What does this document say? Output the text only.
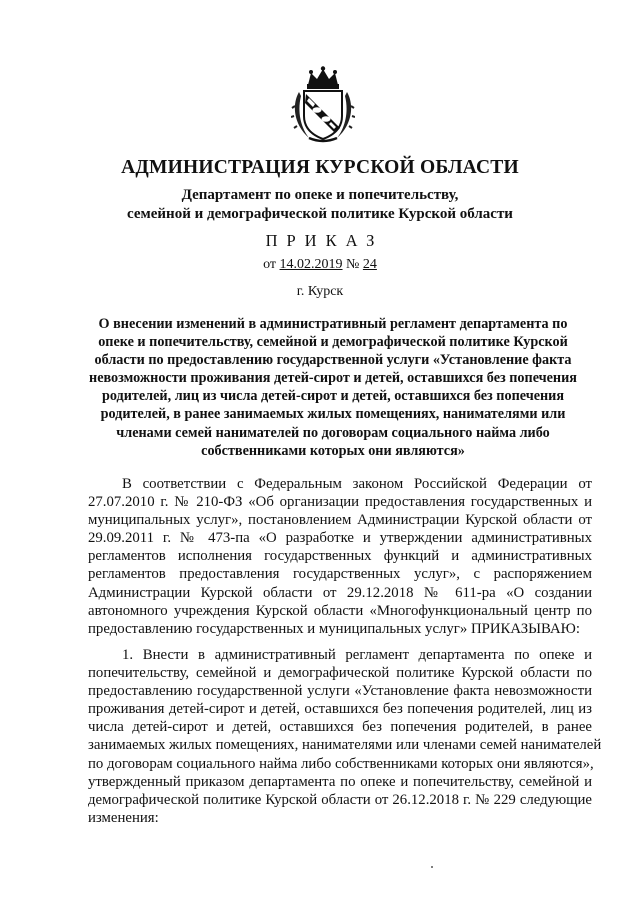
АДМИНИСТРАЦИЯ КУРСКОЙ ОБЛАСТИ
Департамент по опеке и попечительству,
семейной и демографической политике Курской области
ПРИКАЗ
от 14.02.2019 № 24
г. Курск
О внесении изменений в административный регламент департамента по
опеке и попечительству, семейной и демографической политике Курской
области по предоставлению государственной услуги «Установление факта
невозможности проживания детей-сирот и детей, оставшихся без попечения
родителей, лиц из числа детей-сирот и детей, оставшихся без попечения
родителей, в ранее занимаемых жилых помещениях, нанимателями или
членами семей нанимателей по договорам социального найма либо
собственниками которых они являются»
В соответствии с Федеральным законом Российской Федерации от
27.07.2010 г. № 210-ФЗ «Об организации предоставления государственных и
муниципальных услуг», постановлением Администрации Курской области от
29.09.2011 г. № 473-па «О разработке и утверждении административных
регламентов исполнения государственных функций и административных
регламентов предоставления государственных услуг», с распоряжением
Администрации Курской области от 29.12.2018 № 611-ра «О создании
автономного учреждения Курской области «Многофункциональный центр по
предоставлению государственных и муниципальных услуг» ПРИКАЗЫВАЮ:
1. Внести в административный регламент департамента по опеке и
попечительству, семейной и демографической политике Курской области по
предоставлению государственной услуги «Установление факта невозможности
проживания детей-сирот и детей, оставшихся без попечения родителей, лиц из
числа детей-сирот и детей, оставшихся без попечения родителей, в ранее
занимаемых жилых помещениях, нанимателями или членами семей нанимателей
по договорам социального найма либо собственниками которых они являются»,
утвержденный приказом департамента по опеке и попечительству, семейной и
демографической политике Курской области от 26.12.2018 г. № 229 следующие
изменения:
